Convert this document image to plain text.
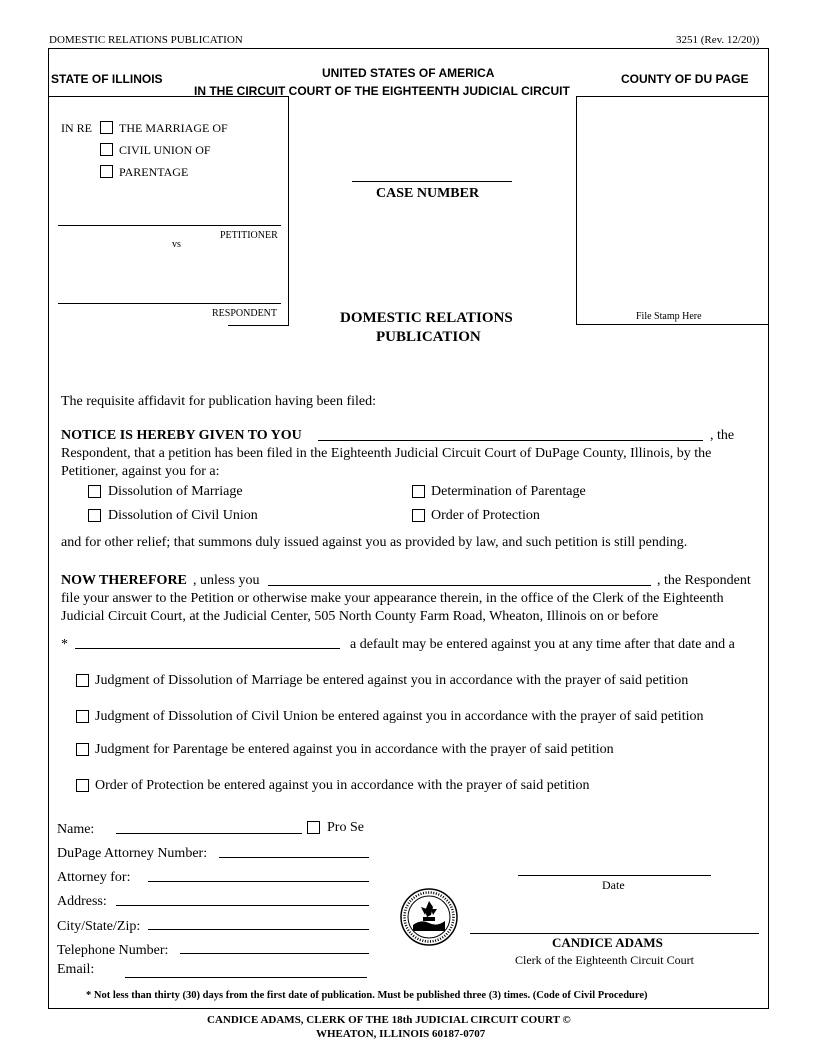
DOMESTIC RELATIONS PUBLICATION	3251 (Rev. 12/20))
STATE OF ILLINOIS	UNITED STATES OF AMERICA	COUNTY OF DU PAGE
IN THE CIRCUIT COURT OF THE EIGHTEENTH JUDICIAL CIRCUIT
IN RE THE MARRIAGE OF
CIVIL UNION OF
PARENTAGE
PETITIONER
vs
RESPONDENT
CASE NUMBER
DOMESTIC RELATIONS
PUBLICATION
File Stamp Here
The requisite affidavit for publication having been filed:
NOTICE IS HEREBY GIVEN TO YOU	, the
Respondent, that a petition has been filed in the Eighteenth Judicial Circuit Court of DuPage County, Illinois, by the
Petitioner, against you for a:
Dissolution of Marriage	Determination of Parentage
Dissolution of Civil Union	Order of Protection
and for other relief; that summons duly issued against you as provided by law, and such petition is still pending.
NOW THEREFORE , unless you	, the Respondent
file your answer to the Petition or otherwise make your appearance therein, in the office of the Clerk of the Eighteenth
Judicial Circuit Court, at the Judicial Center, 505 North County Farm Road, Wheaton, Illinois on or before
*	a default may be entered against you at any time after that date and a
Judgment of Dissolution of Marriage be entered against you in accordance with the prayer of said petition
Judgment of Dissolution of Civil Union be entered against you in accordance with the prayer of said petition
Judgment for Parentage be entered against you in accordance with the prayer of said petition
Order of Protection be entered against you in accordance with the prayer of said petition
Name:	Pro Se
DuPage Attorney Number:
Attorney for:
Address:
City/State/Zip:
Telephone Number:
Email:
Date
CANDICE ADAMS
Clerk of the Eighteenth Circuit Court
* Not less than thirty (30) days from the first date of publication. Must be published three (3) times. (Code of Civil Procedure)
CANDICE ADAMS, CLERK OF THE 18th JUDICIAL CIRCUIT COURT ©
WHEATON, ILLINOIS 60187-0707
